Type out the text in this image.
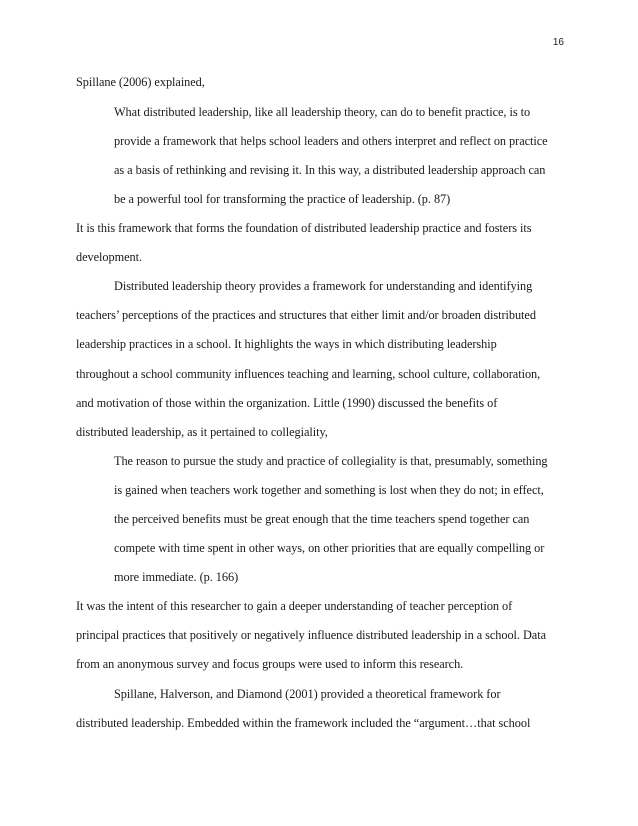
16
Spillane (2006) explained,
What distributed leadership, like all leadership theory, can do to benefit practice, is to
provide a framework that helps school leaders and others interpret and reflect on practice
as a basis of rethinking and revising it. In this way, a distributed leadership approach can
be a powerful tool for transforming the practice of leadership. (p. 87)
It is this framework that forms the foundation of distributed leadership practice and fosters its
development.
Distributed leadership theory provides a framework for understanding and identifying
teachers’ perceptions of the practices and structures that either limit and/or broaden distributed
leadership practices in a school. It highlights the ways in which distributing leadership
throughout a school community influences teaching and learning, school culture, collaboration,
and motivation of those within the organization. Little (1990) discussed the benefits of
distributed leadership, as it pertained to collegiality,
The reason to pursue the study and practice of collegiality is that, presumably, something
is gained when teachers work together and something is lost when they do not; in effect,
the perceived benefits must be great enough that the time teachers spend together can
compete with time spent in other ways, on other priorities that are equally compelling or
more immediate. (p. 166)
It was the intent of this researcher to gain a deeper understanding of teacher perception of
principal practices that positively or negatively influence distributed leadership in a school. Data
from an anonymous survey and focus groups were used to inform this research.
Spillane, Halverson, and Diamond (2001) provided a theoretical framework for
distributed leadership. Embedded within the framework included the “argument…that school
